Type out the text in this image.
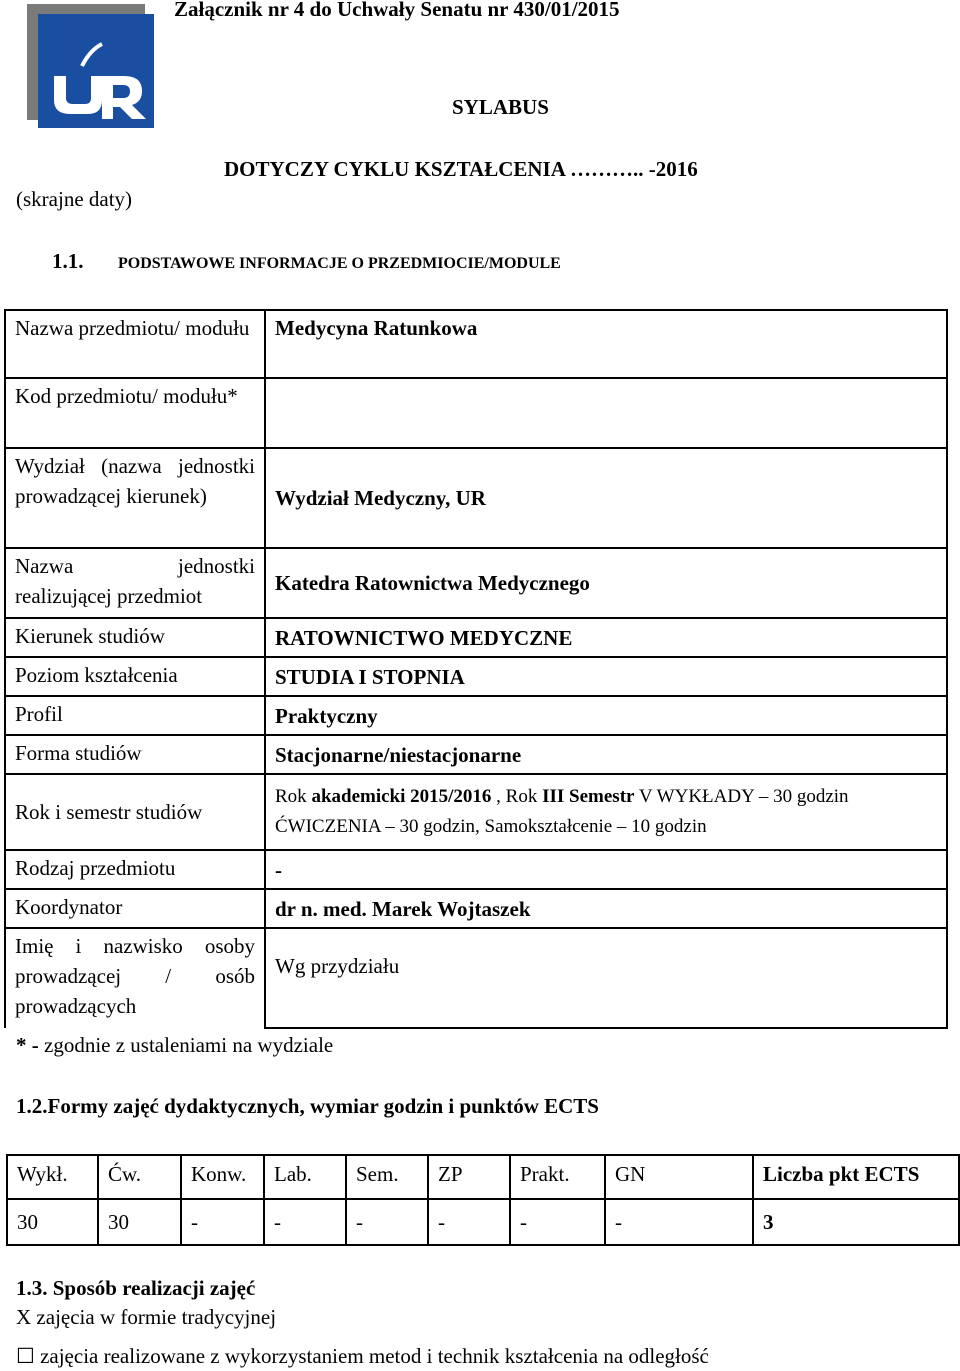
Załącznik nr 4 do Uchwały Senatu nr 430/01/2015
SYLABUS
DOTYCZY CYKLU KSZTAŁCENIA ……….. -2016
(skrajne daty)
1.1. PODSTAWOWE INFORMACJE O PRZEDMIOCIE/MODULE
Nazwa przedmiotu/ modułu	Medycyna Ratunkowa
Kod przedmiotu/ modułu*	
Wydział (nazwa jednostki prowadzącej kierunek)	Wydział Medyczny, UR
Nazwa jednostki realizującej przedmiot	Katedra Ratownictwa Medycznego
Kierunek studiów	RATOWNICTWO MEDYCZNE
Poziom kształcenia	STUDIA I STOPNIA
Profil	Praktyczny
Forma studiów	Stacjonarne/niestacjonarne
Rok i semestr studiów	Rok akademicki 2015/2016 , Rok III Semestr V WYKŁADY – 30 godzin ĆWICZENIA – 30 godzin, Samokształcenie – 10 godzin
Rodzaj przedmiotu	-
Koordynator	dr n. med. Marek Wojtaszek
Imię i nazwisko osoby prowadzącej / osób prowadzących	Wg przydziału
* - zgodnie z ustaleniami na wydziale
1.2.Formy zajęć dydaktycznych, wymiar godzin i punktów ECTS
Wykł.	Ćw.	Konw.	Lab.	Sem.	ZP	Prakt.	GN	Liczba pkt ECTS
30	30	-	-	-	-	-	-	3
1.3. Sposób realizacji zajęć
X zajęcia w formie tradycyjnej
☐ zajęcia realizowane z wykorzystaniem metod i technik kształcenia na odległość
